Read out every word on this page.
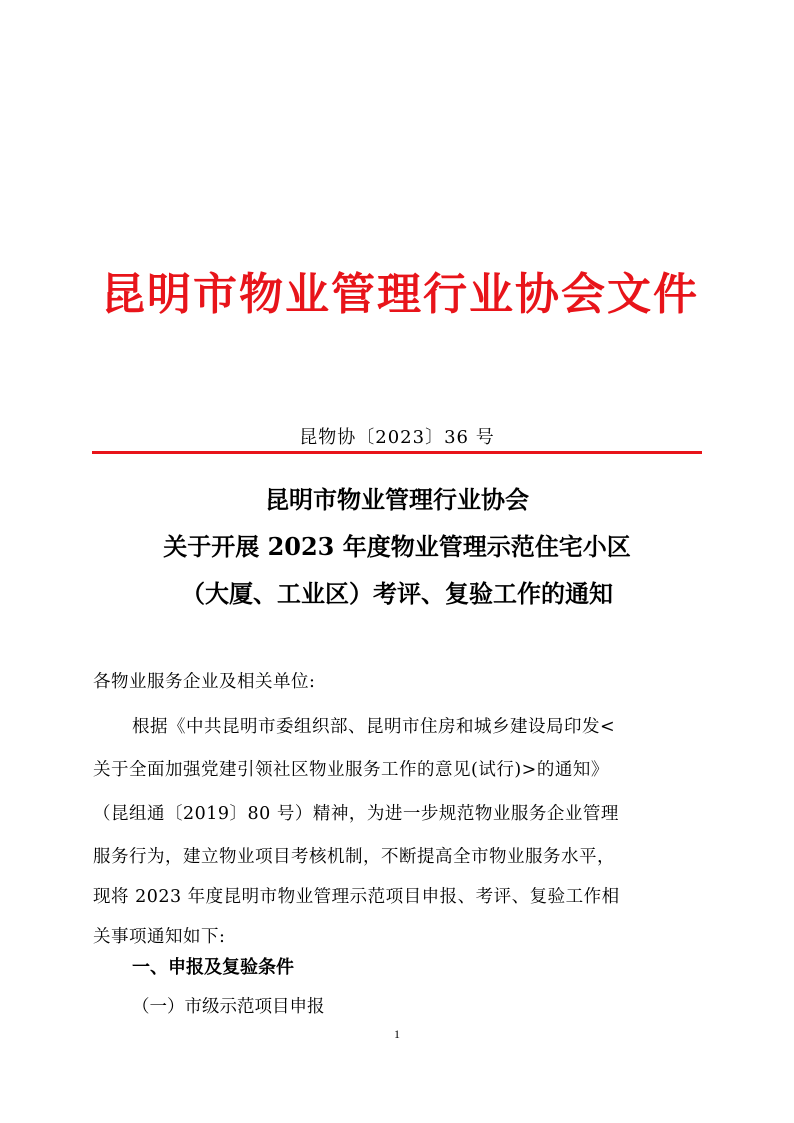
昆明市物业管理行业协会文件
昆物协〔2023〕36 号
昆明市物业管理行业协会
关于开展 2023 年度物业管理示范住宅小区
（大厦、工业区）考评、复验工作的通知
各物业服务企业及相关单位:
根据《中共昆明市委组织部、昆明市住房和城乡建设局印发<
关于全面加强党建引领社区物业服务工作的意见(试行)>的通知》
（昆组通〔2019〕80 号）精神，为进一步规范物业服务企业管理
服务行为，建立物业项目考核机制，不断提高全市物业服务水平，
现将 2023 年度昆明市物业管理示范项目申报、考评、复验工作相
关事项通知如下:
一、申报及复验条件
（一）市级示范项目申报
1
